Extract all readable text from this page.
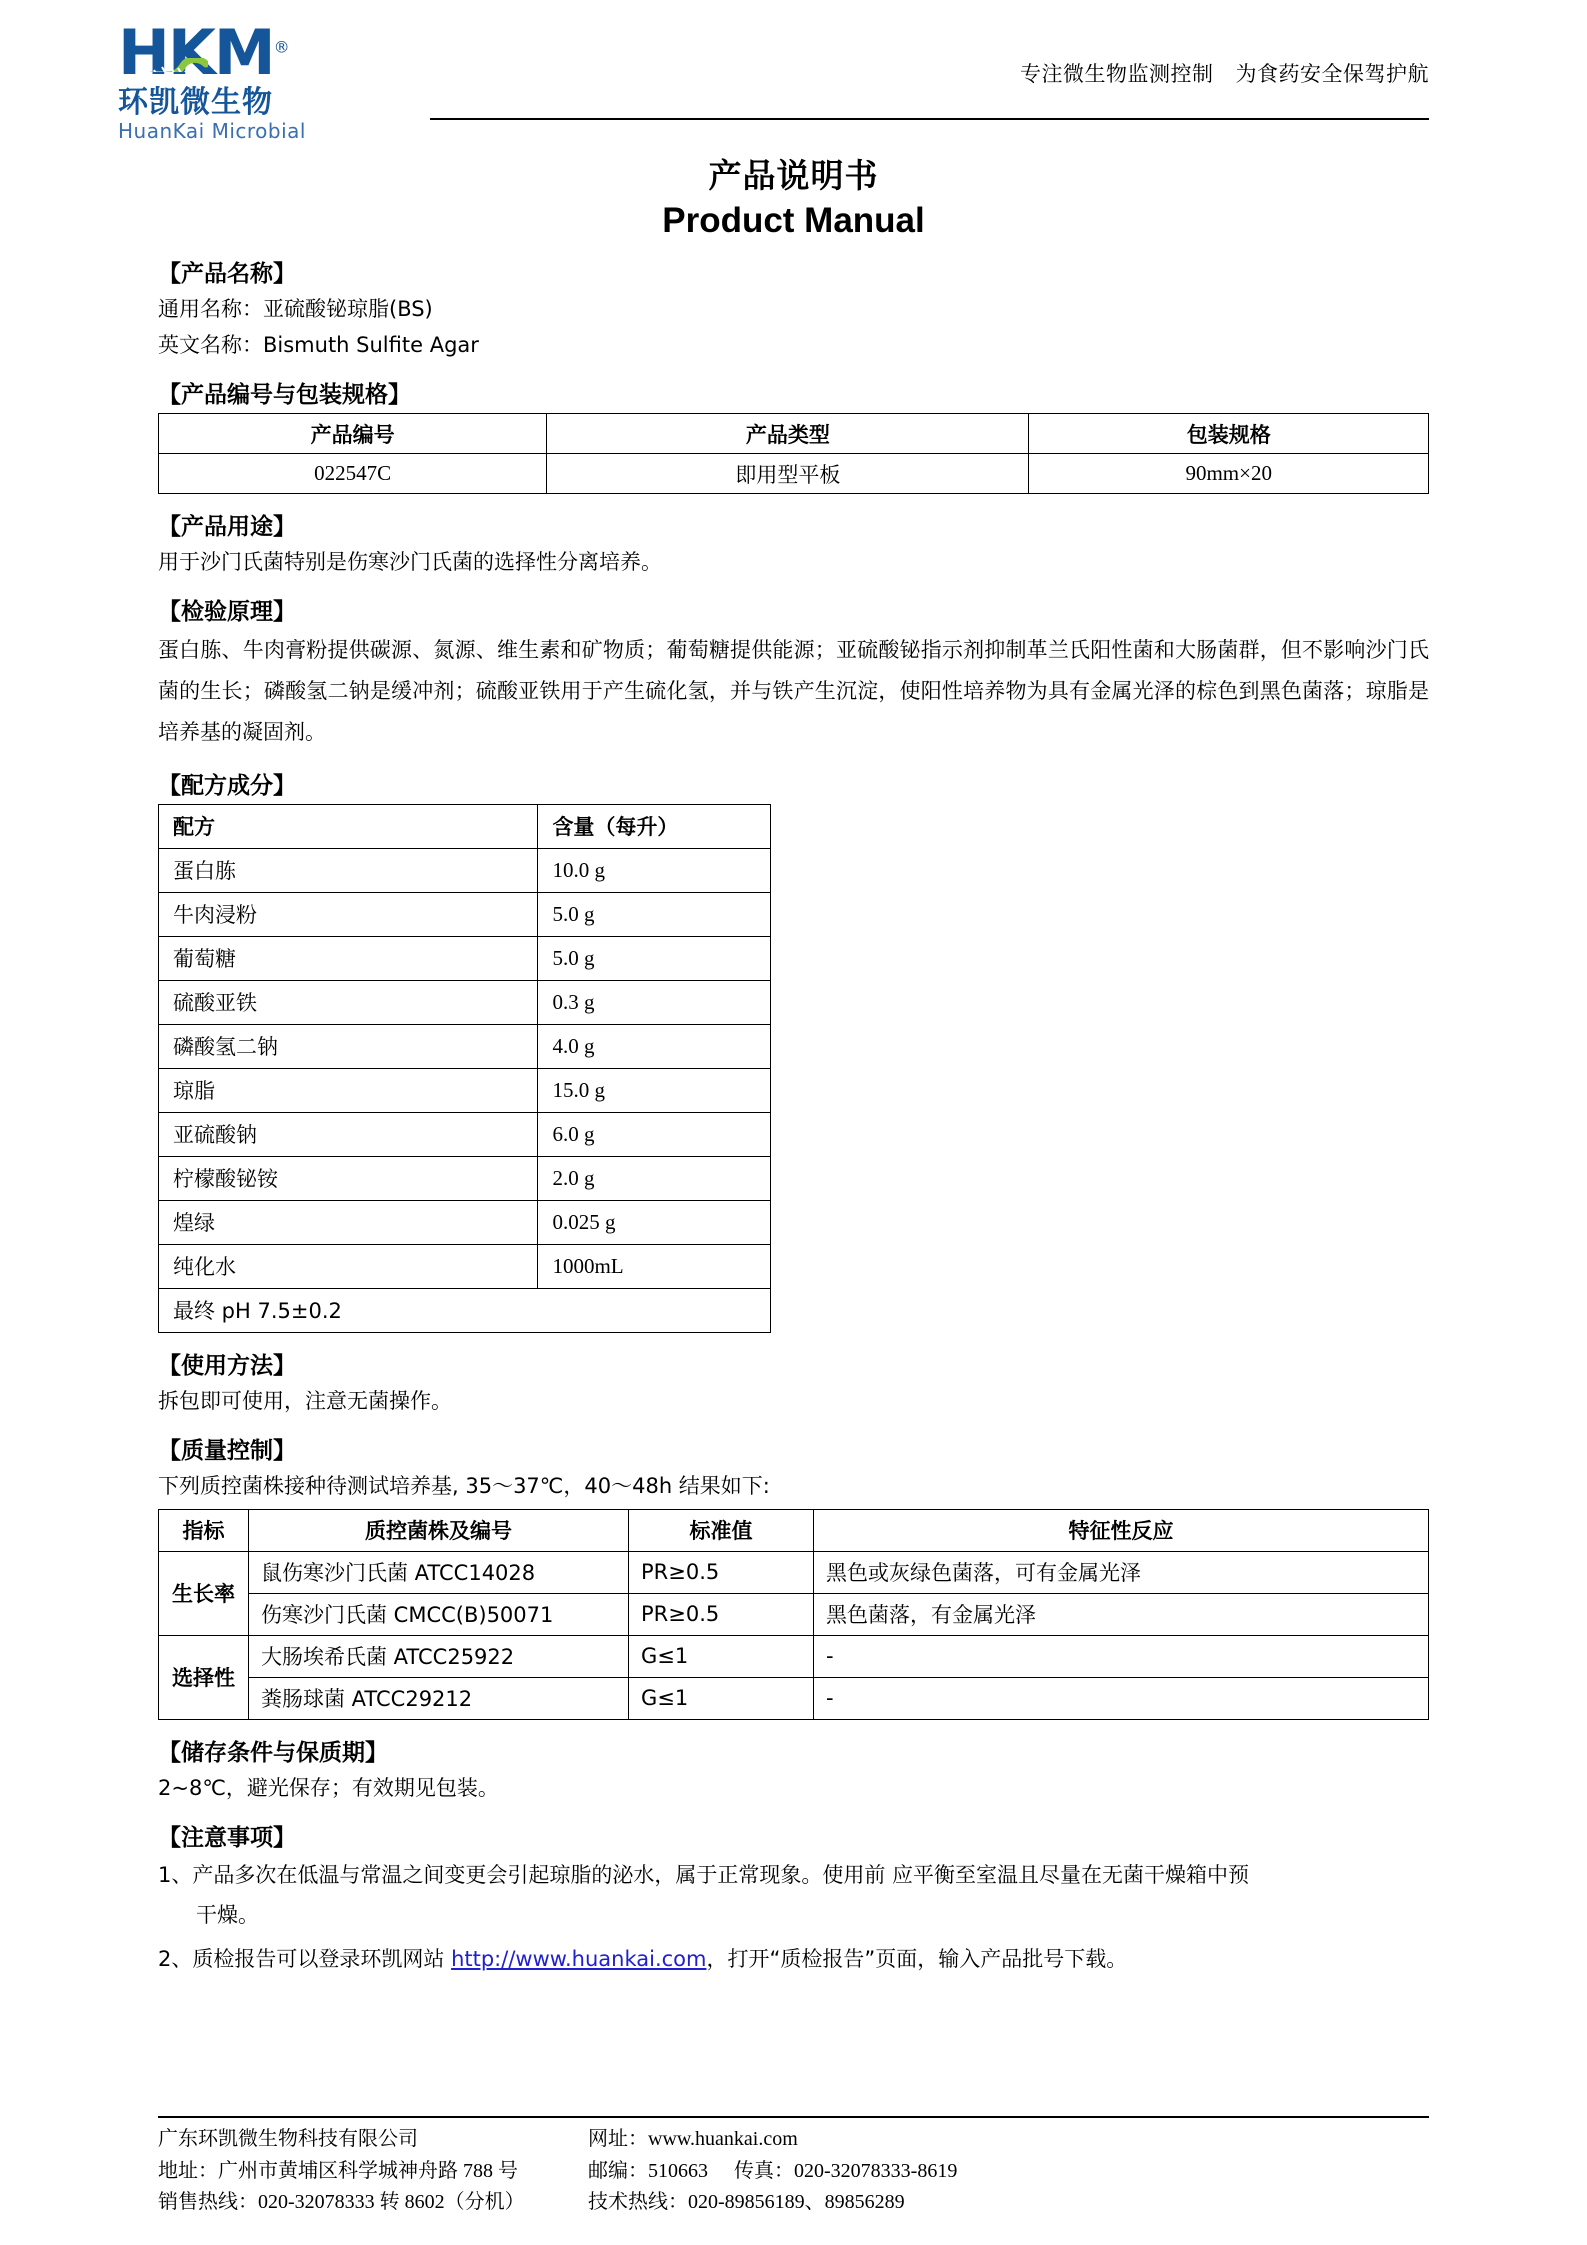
HKM®
环凯微生物
HuanKai Microbial
专注微生物监测控制 为食药安全保驾护航
产品说明书
Product Manual
【产品名称】
通用名称：亚硫酸铋琼脂(BS)
英文名称：Bismuth Sulfite Agar
【产品编号与包装规格】
产品编号	产品类型	包装规格
022547C	即用型平板	90mm×20
【产品用途】
用于沙门氏菌特别是伤寒沙门氏菌的选择性分离培养。
【检验原理】
蛋白胨、牛肉膏粉提供碳源、氮源、维生素和矿物质；葡萄糖提供能源；亚硫酸铋指示剂抑制革兰氏阳性菌和大肠菌群，但不影响沙门氏菌的生长；磷酸氢二钠是缓冲剂；硫酸亚铁用于产生硫化氢，并与铁产生沉淀，使阳性培养物为具有金属光泽的棕色到黑色菌落；琼脂是培养基的凝固剂。
【配方成分】
配方	含量（每升）
蛋白胨	10.0 g
牛肉浸粉	5.0 g
葡萄糖	5.0 g
硫酸亚铁	0.3 g
磷酸氢二钠	4.0 g
琼脂	15.0 g
亚硫酸钠	6.0 g
柠檬酸铋铵	2.0 g
煌绿	0.025 g
纯化水	1000mL
最终 pH 7.5±0.2	
【使用方法】
拆包即可使用，注意无菌操作。
【质量控制】
下列质控菌株接种待测试培养基, 35～37℃，40～48h 结果如下:
指标	质控菌株及编号	标准值	特征性反应
生长率	鼠伤寒沙门氏菌 ATCC14028	PR≥0.5	黑色或灰绿色菌落，可有金属光泽
	伤寒沙门氏菌 CMCC(B)50071	PR≥0.5	黑色菌落，有金属光泽
选择性	大肠埃希氏菌 ATCC25922	G≤1	-
	粪肠球菌 ATCC29212	G≤1	-
【储存条件与保质期】
2~8℃，避光保存；有效期见包装。
【注意事项】
1、产品多次在低温与常温之间变更会引起琼脂的泌水，属于正常现象。使用前 应平衡至室温且尽量在无菌干燥箱中预
干燥。
2、质检报告可以登录环凯网站 http://www.huankai.com，打开“质检报告”页面，输入产品批号下载。
广东环凯微生物科技有限公司
地址：广州市黄埔区科学城神舟路 788 号
销售热线：020-32078333 转 8602（分机）
网址：www.huankai.com
邮编：510663 传真：020-32078333-8619
技术热线：020-89856189、89856289
